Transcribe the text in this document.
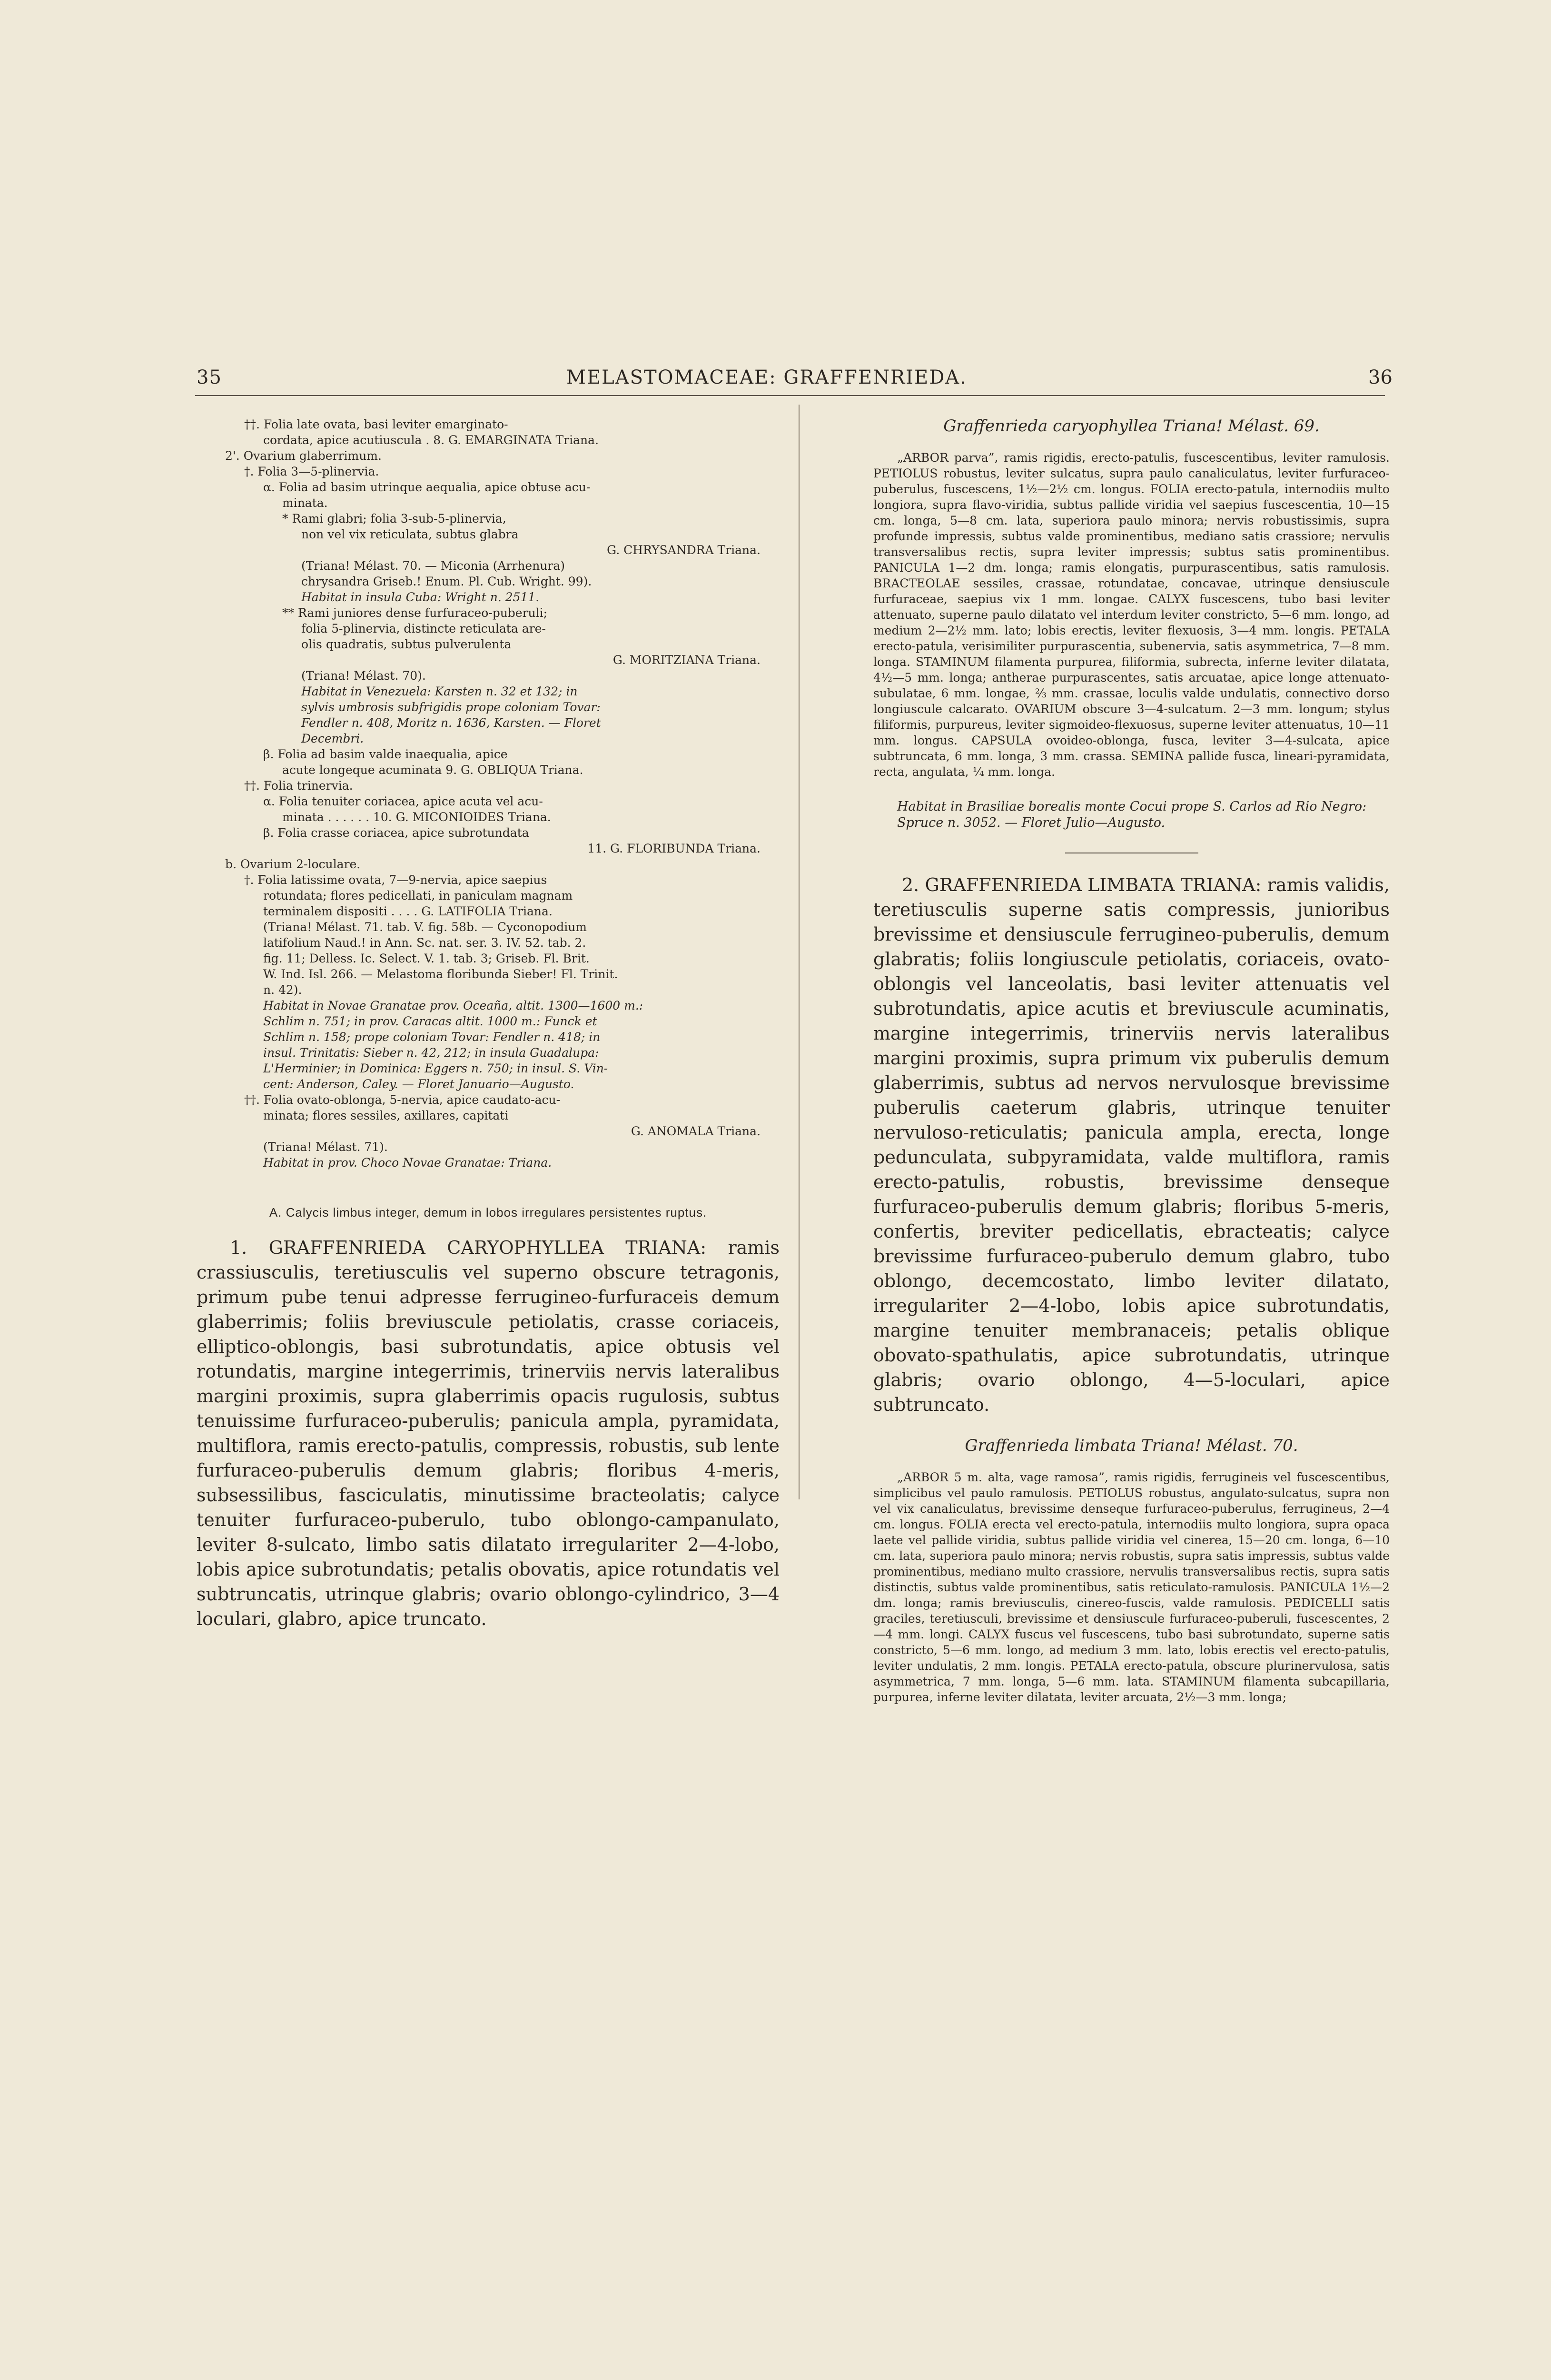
35	MELASTOMACEAE: GRAFFENRIEDA.	36

††. Folia late ovata, basi leviter emarginato-

cordata, apice acutiuscula . 8. G. EMARGINATA Triana.

2'. Ovarium glaberrimum.

†. Folia 3—5-plinervia.

α. Folia ad basim utrinque aequalia, apice obtuse acu-

minata.

* Rami glabri; folia 3-sub-5-plinervia,

non vel vix reticulata, subtus glabra

G. CHRYSANDRA Triana.

(Triana! Mélast. 70. — Miconia (Arrhenura)

chrysandra Griseb.! Enum. Pl. Cub. Wright. 99).

Habitat in insula Cuba: Wright n. 2511.

** Rami juniores dense furfuraceo-puberuli;

folia 5-plinervia, distincte reticulata are-

olis quadratis, subtus pulverulenta

G. MORITZIANA Triana.

(Triana! Mélast. 70).

Habitat in Venezuela: Karsten n. 32 et 132; in

sylvis umbrosis subfrigidis prope coloniam Tovar:

Fendler n. 408, Moritz n. 1636, Karsten. — Floret

Decembri.

β. Folia ad basim valde inaequalia, apice

acute longeque acuminata 9. G. OBLIQUA Triana.

††. Folia trinervia.

α. Folia tenuiter coriacea, apice acuta vel acu-

minata . . . . . . 10. G. MICONIOIDES Triana.

β. Folia crasse coriacea, apice subrotundata

11. G. FLORIBUNDA Triana.

b. Ovarium 2-loculare.

†. Folia latissime ovata, 7—9-nervia, apice saepius

rotundata; flores pedicellati, in paniculam magnam

terminalem dispositi . . . . G. LATIFOLIA Triana.

(Triana! Mélast. 71. tab. V. fig. 58b. — Cyconopodium

latifolium Naud.! in Ann. Sc. nat. ser. 3. IV. 52. tab. 2.

fig. 11; Delless. Ic. Select. V. 1. tab. 3; Griseb. Fl. Brit.

W. Ind. Isl. 266. — Melastoma floribunda Sieber! Fl. Trinit.

n. 42).

Habitat in Novae Granatae prov. Oceaña, altit. 1300—1600 m.:

Schlim n. 751; in prov. Caracas altit. 1000 m.: Funck et

Schlim n. 158; prope coloniam Tovar: Fendler n. 418; in

insul. Trinitatis: Sieber n. 42, 212; in insula Guadalupa:

L'Herminier; in Dominica: Eggers n. 750; in insul. S. Vin-

cent: Anderson, Caley. — Floret Januario—Augusto.

††. Folia ovato-oblonga, 5-nervia, apice caudato-acu-

minata; flores sessiles, axillares, capitati

G. ANOMALA Triana.

(Triana! Mélast. 71).

Habitat in prov. Choco Novae Granatae: Triana.

A. Calycis limbus integer, demum in lobos irregulares persistentes ruptus.

1. GRAFFENRIEDA CARYOPHYLLEA TRIANA: ramis crassiusculis, teretiusculis vel superno obscure tetragonis, primum pube tenui adpresse ferrugineo-furfuraceis demum glaberrimis; foliis breviuscule petiolatis, crasse coriaceis, elliptico-oblongis, basi subrotundatis, apice obtusis vel rotundatis, margine integerrimis, trinerviis nervis lateralibus margini proximis, supra glaberrimis opacis rugulosis, subtus tenuissime furfuraceo-puberulis; panicula ampla, pyramidata, multiflora, ramis erecto-patulis, compressis, robustis, sub lente furfuraceo-puberulis demum glabris; floribus 4-meris, subsessilibus, fasciculatis, minutissime bracteolatis; calyce tenuiter furfuraceo-puberulo, tubo oblongo-campanulato, leviter 8-sulcato, limbo satis dilatato irregulariter 2—4-lobo, lobis apice subrotundatis; petalis obovatis, apice rotundatis vel subtruncatis, utrinque glabris; ovario oblongo-cylindrico, 3—4 loculari, glabro, apice truncato.

Graffenrieda caryophyllea Triana! Mélast. 69.

„ARBOR parva”, ramis rigidis, erecto-patulis, fuscescentibus, leviter ramulosis. PETIOLUS robustus, leviter sulcatus, supra paulo canaliculatus, leviter furfuraceo-puberulus, fuscescens, 1½—2½ cm. longus. FOLIA erecto-patula, internodiis multo longiora, supra flavo-viridia, subtus pallide viridia vel saepius fuscescentia, 10—15 cm. longa, 5—8 cm. lata, superiora paulo minora; nervis robustissimis, supra profunde impressis, subtus valde prominentibus, mediano satis crassiore; nervulis transversalibus rectis, supra leviter impressis; subtus satis prominentibus. PANICULA 1—2 dm. longa; ramis elongatis, purpurascentibus, satis ramulosis. BRACTEOLAE sessiles, crassae, rotundatae, concavae, utrinque densiuscule furfuraceae, saepius vix 1 mm. longae. CALYX fuscescens, tubo basi leviter attenuato, superne paulo dilatato vel interdum leviter constricto, 5—6 mm. longo, ad medium 2—2½ mm. lato; lobis erectis, leviter flexuosis, 3—4 mm. longis. PETALA erecto-patula, verisimiliter purpurascentia, subenervia, satis asymmetrica, 7—8 mm. longa. STAMINUM filamenta purpurea, filiformia, subrecta, inferne leviter dilatata, 4½—5 mm. longa; antherae purpurascentes, satis arcuatae, apice longe attenuato-subulatae, 6 mm. longae, ⅔ mm. crassae, loculis valde undulatis, connectivo dorso longiuscule calcarato. OVARIUM obscure 3—4-sulcatum. 2—3 mm. longum; stylus filiformis, purpureus, leviter sigmoideo-flexuosus, superne leviter attenuatus, 10—11 mm. longus. CAPSULA ovoideo-oblonga, fusca, leviter 3—4-sulcata, apice subtruncata, 6 mm. longa, 3 mm. crassa. SEMINA pallide fusca, lineari-pyramidata, recta, angulata, ¼ mm. longa.

Habitat in Brasiliae borealis monte Cocui prope S. Carlos ad Rio Negro: Spruce n. 3052. — Floret Julio—Augusto.

2. GRAFFENRIEDA LIMBATA TRIANA: ramis validis, teretiusculis superne satis compressis, junioribus brevissime et densiuscule ferrugineo-puberulis, demum glabratis; foliis longiuscule petiolatis, coriaceis, ovato-oblongis vel lanceolatis, basi leviter attenuatis vel subrotundatis, apice acutis et breviuscule acuminatis, margine integerrimis, trinerviis nervis lateralibus margini proximis, supra primum vix puberulis demum glaberrimis, subtus ad nervos nervulosque brevissime puberulis caeterum glabris, utrinque tenuiter nervuloso-reticulatis; panicula ampla, erecta, longe pedunculata, subpyramidata, valde multiflora, ramis erecto-patulis, robustis, brevissime denseque furfuraceo-puberulis demum glabris; floribus 5-meris, confertis, breviter pedicellatis, ebracteatis; calyce brevissime furfuraceo-puberulo demum glabro, tubo oblongo, decemcostato, limbo leviter dilatato, irregulariter 2—4-lobo, lobis apice subrotundatis, margine tenuiter membranaceis; petalis oblique obovato-spathulatis, apice subrotundatis, utrinque glabris; ovario oblongo, 4—5-loculari, apice subtruncato.

Graffenrieda limbata Triana! Mélast. 70.

„ARBOR 5 m. alta, vage ramosa”, ramis rigidis, ferrugineis vel fuscescentibus, simplicibus vel paulo ramulosis. PETIOLUS robustus, angulato-sulcatus, supra non vel vix canaliculatus, brevissime denseque furfuraceo-puberulus, ferrugineus, 2—4 cm. longus. FOLIA erecta vel erecto-patula, internodiis multo longiora, supra opaca laete vel pallide viridia, subtus pallide viridia vel cinerea, 15—20 cm. longa, 6—10 cm. lata, superiora paulo minora; nervis robustis, supra satis impressis, subtus valde prominentibus, mediano multo crassiore, nervulis transversalibus rectis, supra satis distinctis, subtus valde prominentibus, satis reticulato-ramulosis. PANICULA 1½—2 dm. longa; ramis breviusculis, cinereo-fuscis, valde ramulosis. PEDICELLI satis graciles, teretiusculi, brevissime et densiuscule furfuraceo-puberuli, fuscescentes, 2—4 mm. longi. CALYX fuscus vel fuscescens, tubo basi subrotundato, superne satis constricto, 5—6 mm. longo, ad medium 3 mm. lato, lobis erectis vel erecto-patulis, leviter undulatis, 2 mm. longis. PETALA erecto-patula, obscure plurinervulosa, satis asymmetrica, 7 mm. longa, 5—6 mm. lata. STAMINUM filamenta subcapillaria, purpurea, inferne leviter dilatata, leviter arcuata, 2½—3 mm. longa;
